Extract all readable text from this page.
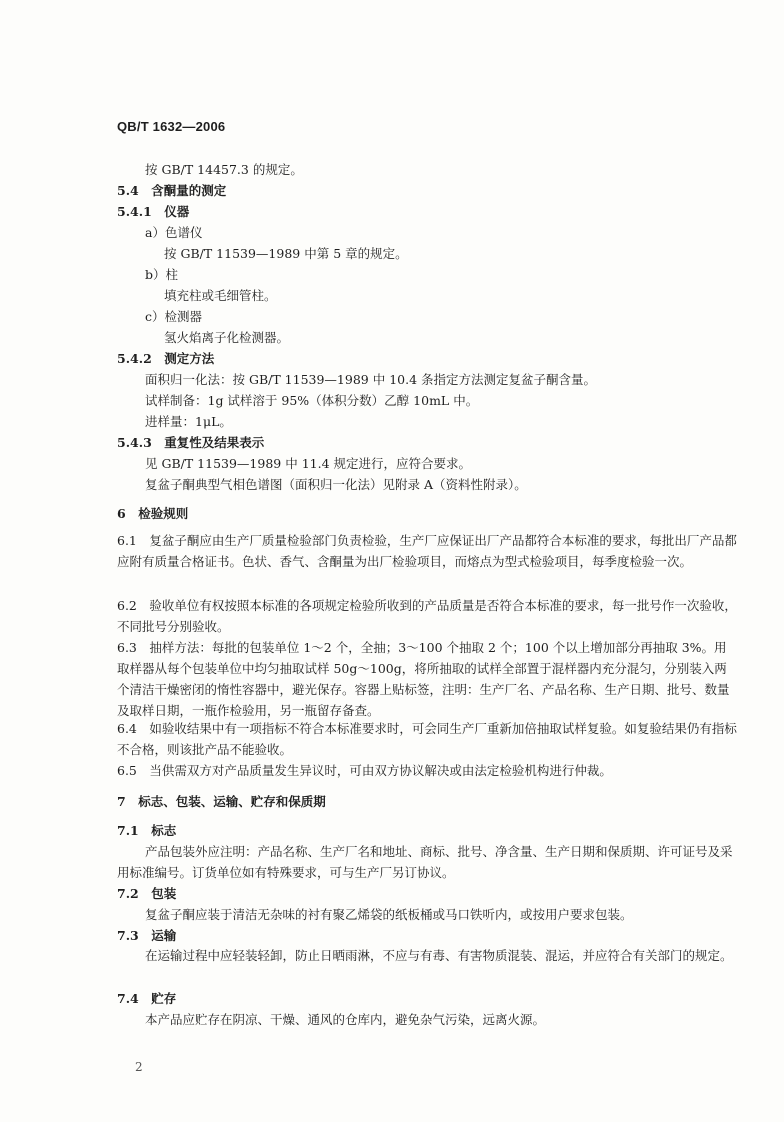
QB/T 1632—2006
按 GB/T 14457.3 的规定。
5.4　含酮量的测定
5.4.1　仪器
a）色谱仪
按 GB/T 11539—1989 中第 5 章的规定。
b）柱
填充柱或毛细管柱。
c）检测器
氢火焰离子化检测器。
5.4.2　测定方法
面积归一化法：按 GB/T 11539—1989 中 10.4 条指定方法测定复盆子酮含量。
试样制备：1g 试样溶于 95%（体积分数）乙醇 10mL 中。
进样量：1μL。
5.4.3　重复性及结果表示
见 GB/T 11539—1989 中 11.4 规定进行，应符合要求。
复盆子酮典型气相色谱图（面积归一化法）见附录 A（资料性附录）。
6　检验规则
6.1　复盆子酮应由生产厂质量检验部门负责检验，生产厂应保证出厂产品都符合本标准的要求，每批出厂产品都应附有质量合格证书。色状、香气、含酮量为出厂检验项目，而熔点为型式检验项目，每季度检验一次。
6.2　验收单位有权按照本标准的各项规定检验所收到的产品质量是否符合本标准的要求，每一批号作一次验收，不同批号分别验收。
6.3　抽样方法：每批的包装单位 1～2 个，全抽；3～100 个抽取 2 个；100 个以上增加部分再抽取 3%。用取样器从每个包装单位中均匀抽取试样 50g～100g，将所抽取的试样全部置于混样器内充分混匀，分别装入两个清洁干燥密闭的惰性容器中，避光保存。容器上贴标签，注明：生产厂名、产品名称、生产日期、批号、数量及取样日期，一瓶作检验用，另一瓶留存备查。
6.4　如验收结果中有一项指标不符合本标准要求时，可会同生产厂重新加倍抽取试样复验。如复验结果仍有指标不合格，则该批产品不能验收。
6.5　当供需双方对产品质量发生异议时，可由双方协议解决或由法定检验机构进行仲裁。
7　标志、包装、运输、贮存和保质期
7.1　标志
产品包装外应注明：产品名称、生产厂名和地址、商标、批号、净含量、生产日期和保质期、许可证号及采用标准编号。订货单位如有特殊要求，可与生产厂另订协议。
7.2　包装
复盆子酮应装于清洁无杂味的衬有聚乙烯袋的纸板桶或马口铁听内，或按用户要求包装。
7.3　运输
在运输过程中应轻装轻卸，防止日晒雨淋，不应与有毒、有害物质混装、混运，并应符合有关部门的规定。
7.4　贮存
本产品应贮存在阴凉、干燥、通风的仓库内，避免杂气污染，远离火源。
2
